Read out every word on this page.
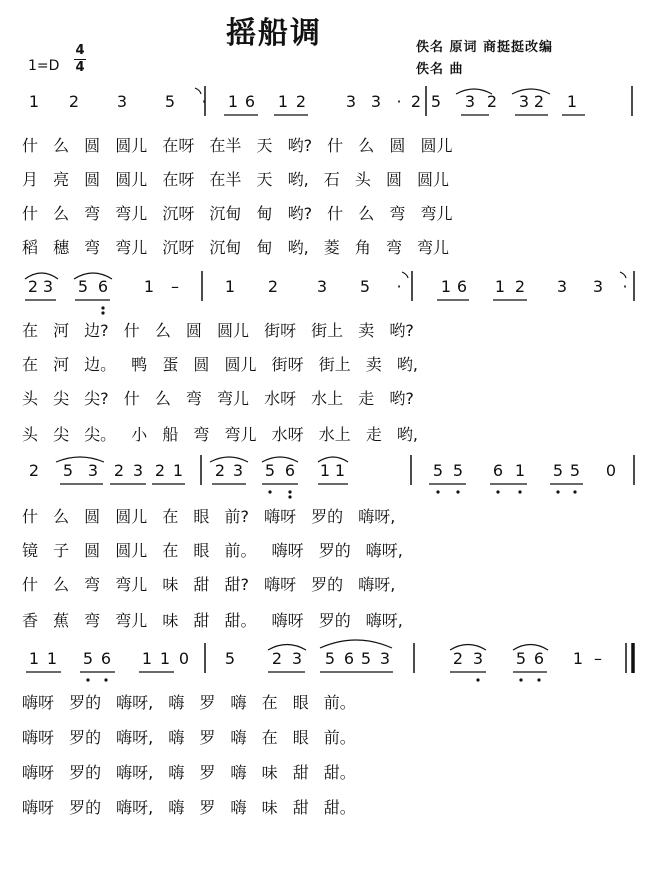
摇船调	佚名 原词 商挺挺改编
佚名 曲
1=D
4
4
1 2 3 5 · 1 6 1 2 3 3 · 2 5 3 2 3 2 1
什 么 圆 圆儿 在呀 在半 天 哟? 什 么 圆 圆儿
月 亮 圆 圆儿 在呀 在半 天 哟, 石 头 圆 圆儿
什 么 弯 弯儿 沉呀 沉甸 甸 哟? 什 么 弯 弯儿
稻 穗 弯 弯儿 沉呀 沉甸 甸 哟, 菱 角 弯 弯儿
2 3 5 6 1 –	1 2 3 5 · 1 6 1 2 3 3 ·
在 河 边? 什 么 圆 圆儿 街呀 街上 卖 哟?
在 河 边。 鸭 蛋 圆 圆儿 街呀 街上 卖 哟,
头 尖 尖? 什 么 弯 弯儿 水呀 水上 走 哟?
头 尖 尖。 小 船 弯 弯儿 水呀 水上 走 哟,
2 5 3 2 3 2 1 2 3 5 6 1 1	5 5 6 1 5 5 0
什 么 圆 圆儿 在 眼 前? 嗨呀 罗的 嗨呀,
镜 子 圆 圆儿 在 眼 前。 嗨呀 罗的 嗨呀,
什 么 弯 弯儿 味 甜 甜? 嗨呀 罗的 嗨呀,
香 蕉 弯 弯儿 味 甜 甜。 嗨呀 罗的 嗨呀,
1 1 5 6 1 1 0 5 2 3 5 6 5 3	2 3 5 6 1 –
嗨呀 罗的 嗨呀, 嗨 罗 嗨 在 眼 前。
嗨呀 罗的 嗨呀, 嗨 罗 嗨 在 眼 前。
嗨呀 罗的 嗨呀, 嗨 罗 嗨 味 甜 甜。
嗨呀 罗的 嗨呀, 嗨 罗 嗨 味 甜 甜。
